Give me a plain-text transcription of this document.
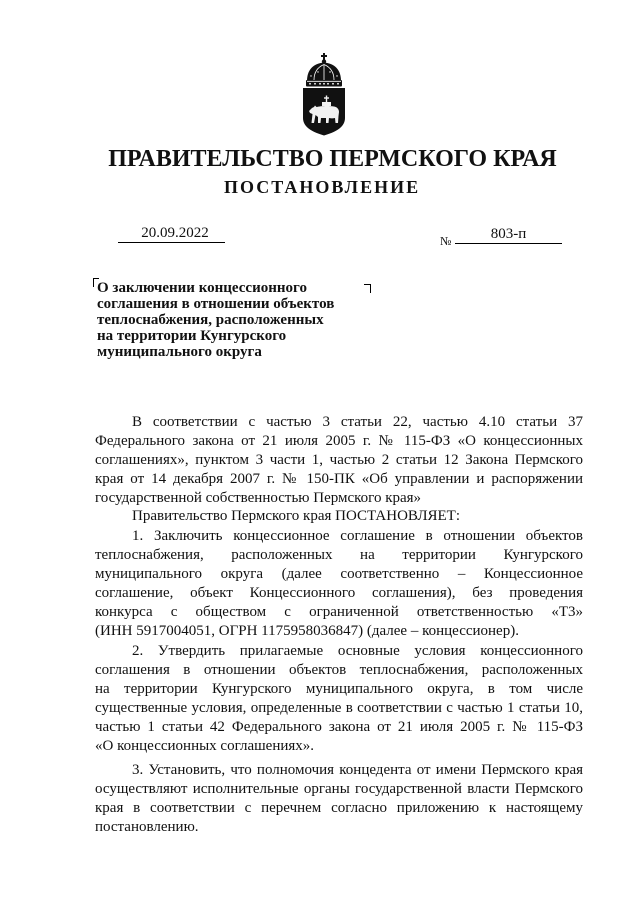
ПРАВИТЕЛЬСТВО ПЕРМСКОГО КРАЯ
ПОСТАНОВЛЕНИЕ
20.09.2022	№	803-п
О заключении концессионного
соглашения в отношении объектов
теплоснабжения, расположенных
на территории Кунгурского
муниципального округа
В соответствии с частью 3 статьи 22, частью 4.10 статьи 37
Федерального закона от 21 июля 2005 г. № 115-ФЗ «О концессионных
соглашениях», пунктом 3 части 1, частью 2 статьи 12 Закона Пермского
края от 14 декабря 2007 г. № 150-ПК «Об управлении и распоряжении
государственной собственностью Пермского края»
Правительство Пермского края ПОСТАНОВЛЯЕТ:
1. Заключить концессионное соглашение в отношении объектов
теплоснабжения, расположенных на территории Кунгурского
муниципального округа (далее соответственно – Концессионное
соглашение, объект Концессионного соглашения), без проведения
конкурса с обществом с ограниченной ответственностью «Т3»
(ИНН 5917004051, ОГРН 1175958036847) (далее – концессионер).
2. Утвердить прилагаемые основные условия концессионного
соглашения в отношении объектов теплоснабжения, расположенных
на территории Кунгурского муниципального округа, в том числе
существенные условия, определенные в соответствии с частью 1 статьи 10,
частью 1 статьи 42 Федерального закона от 21 июля 2005 г. № 115-ФЗ
«О концессионных соглашениях».
3. Установить, что полномочия концедента от имени Пермского края
осуществляют исполнительные органы государственной власти Пермского
края в соответствии с перечнем согласно приложению к настоящему
постановлению.
